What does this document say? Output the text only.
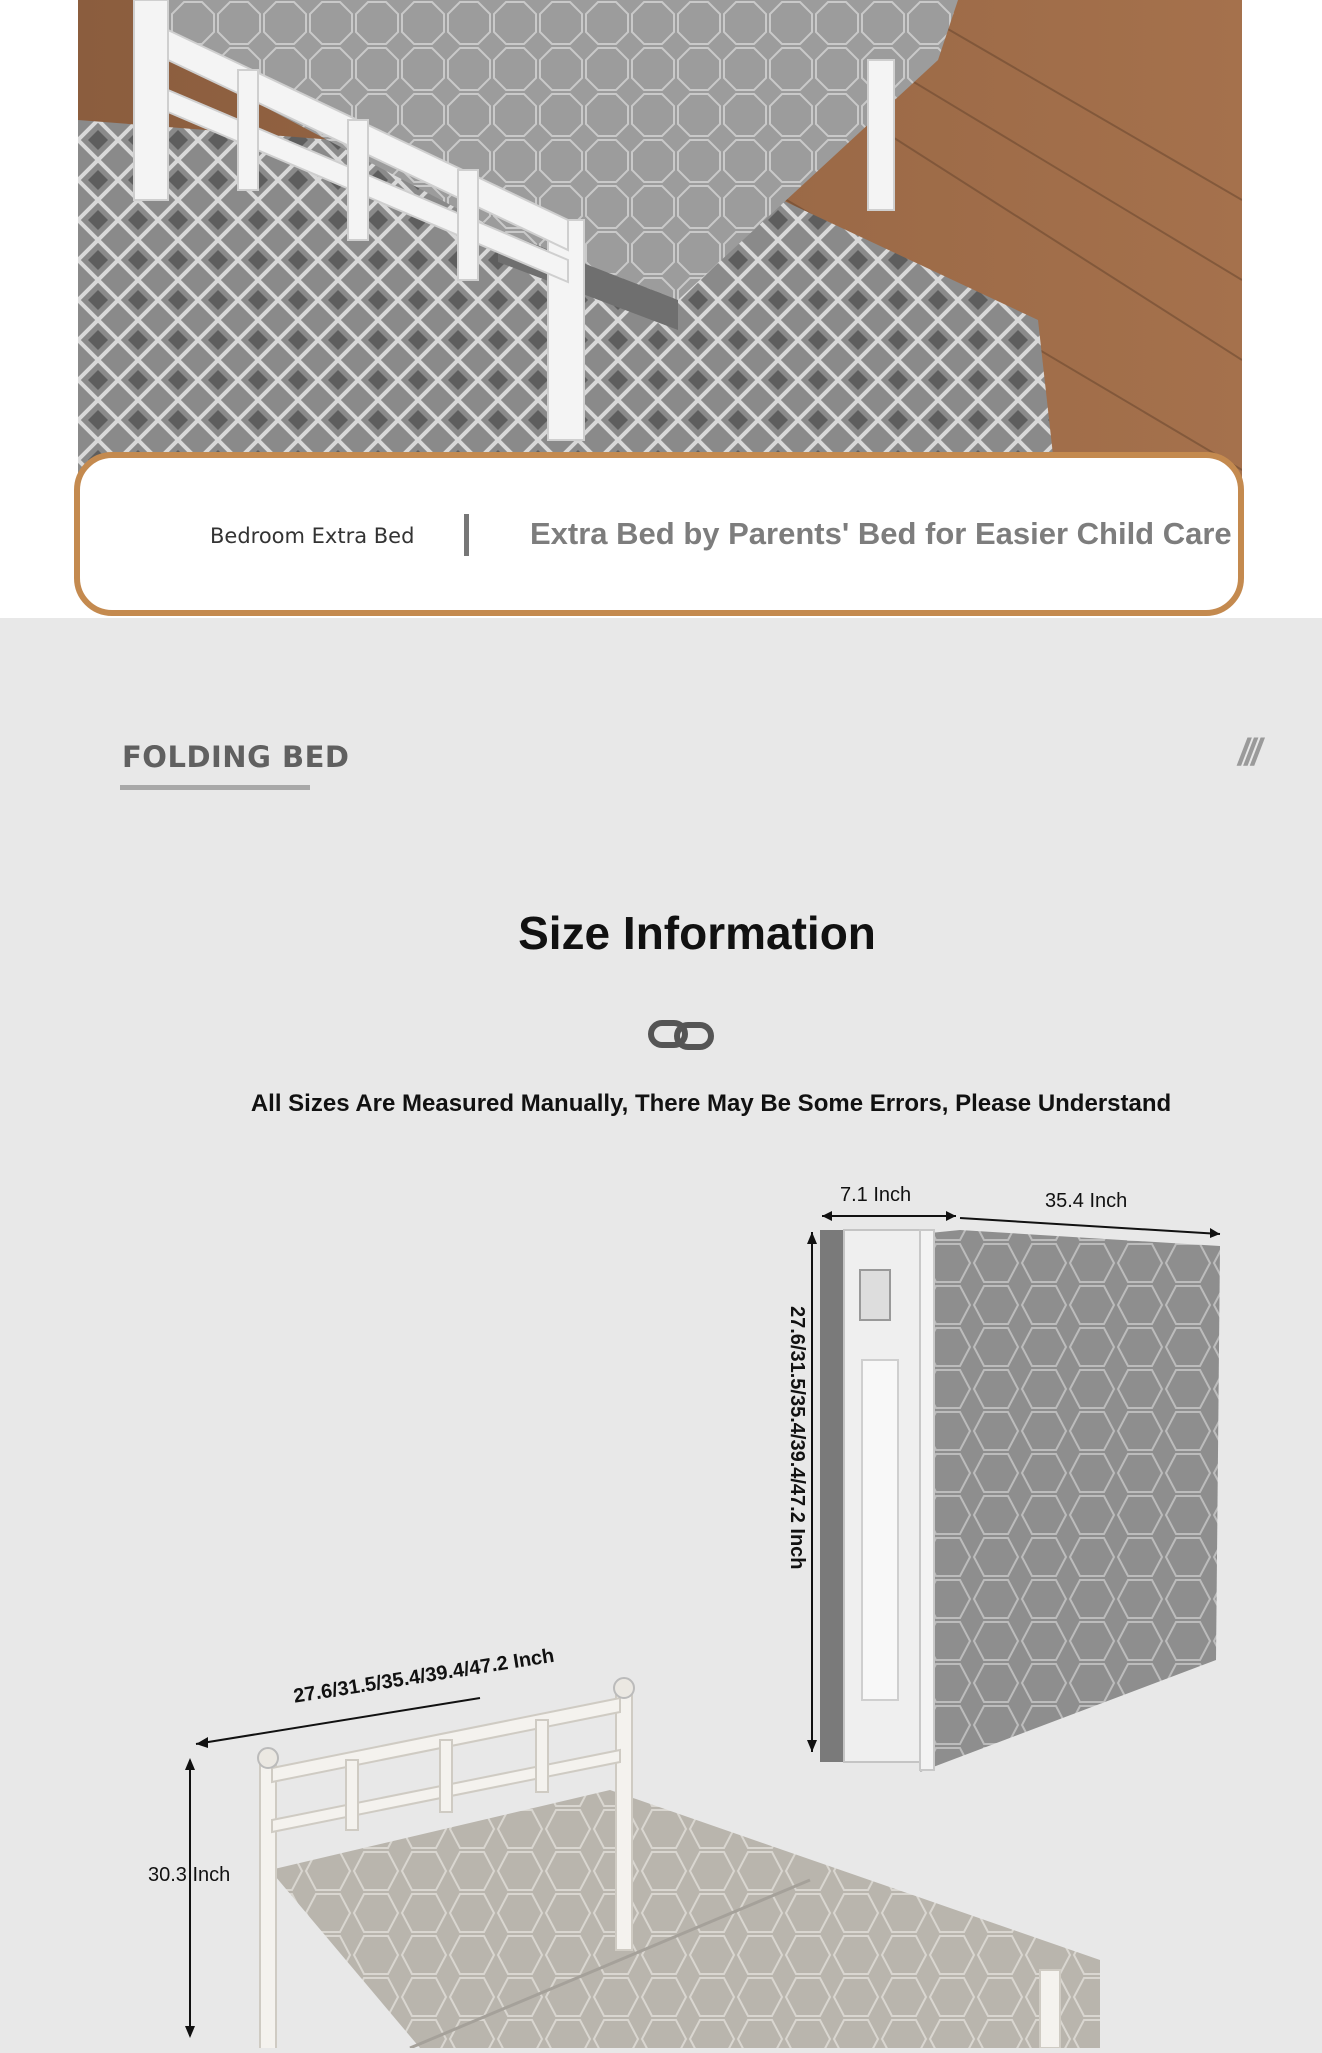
Bedroom Extra Bed	Extra Bed by Parents' Bed for Easier Child Care
FOLDING BED	///
Size Information
All Sizes Are Measured Manually, There May Be Some Errors, Please Understand
7.1 Inch	35.4 Inch
27.6/31.5/35.4/39.4/47.2 Inch
27.6/31.5/35.4/39.4/47.2 Inch
30.3 Inch
